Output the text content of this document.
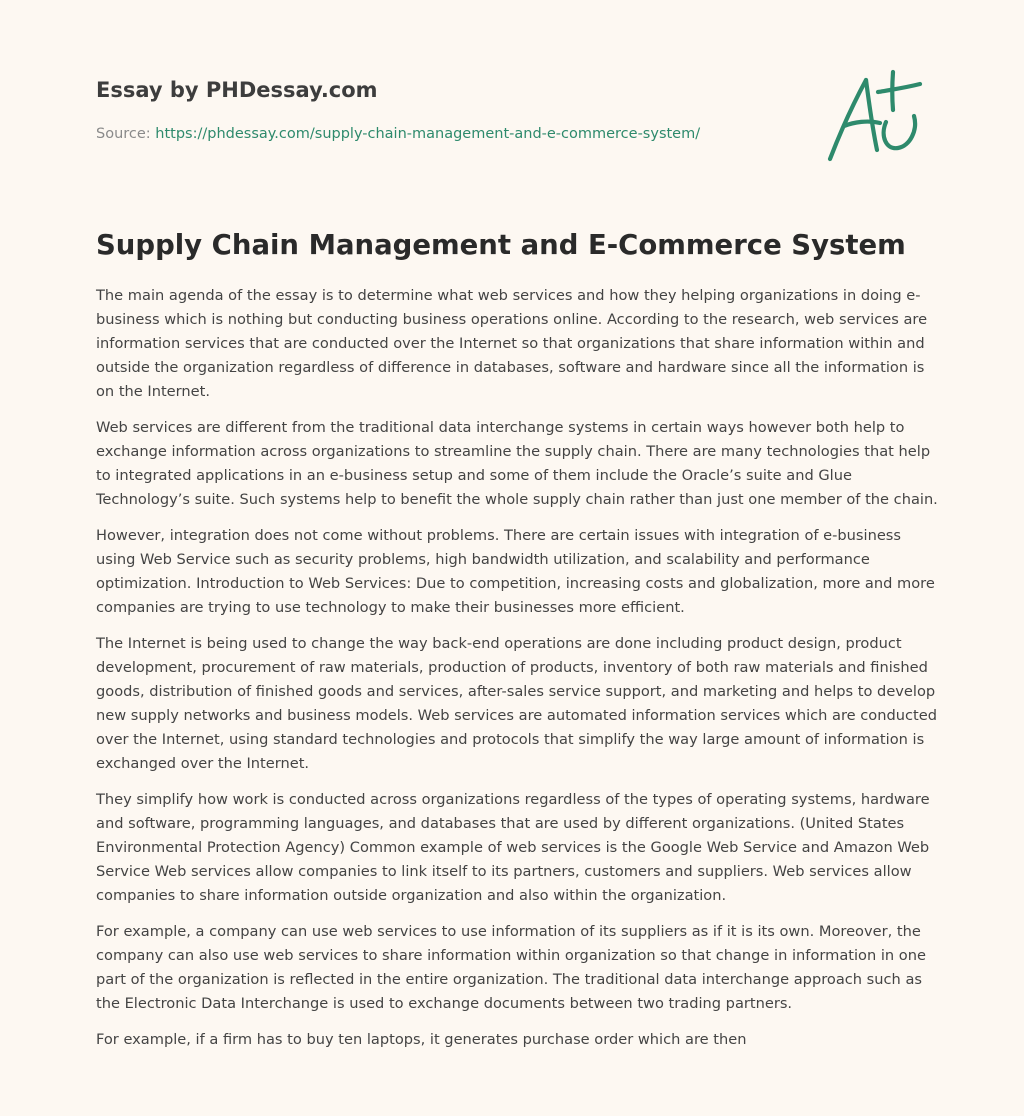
Essay by PHDessay.com
Source: https://phdessay.com/supply-chain-management-and-e-commerce-system/
Supply Chain Management and E-Commerce System

The main agenda of the essay is to determine what web services and how they helping organizations in doing e-business which is nothing but conducting business operations online. According to the research, web services are information services that are conducted over the Internet so that organizations that share information within and outside the organization regardless of difference in databases, software and hardware since all the information is on the Internet.

Web services are different from the traditional data interchange systems in certain ways however both help to exchange information across organizations to streamline the supply chain. There are many technologies that help to integrated applications in an e-business setup and some of them include the Oracle’s suite and Glue Technology’s suite. Such systems help to benefit the whole supply chain rather than just one member of the chain.

However, integration does not come without problems. There are certain issues with integration of e-business using Web Service such as security problems, high bandwidth utilization, and scalability and performance optimization. Introduction to Web Services: Due to competition, increasing costs and globalization, more and more companies are trying to use technology to make their businesses more efficient.

The Internet is being used to change the way back-end operations are done including product design, product development, procurement of raw materials, production of products, inventory of both raw materials and finished goods, distribution of finished goods and services, after-sales service support, and marketing and helps to develop new supply networks and business models. Web services are automated information services which are conducted over the Internet, using standard technologies and protocols that simplify the way large amount of information is exchanged over the Internet.

They simplify how work is conducted across organizations regardless of the types of operating systems, hardware and software, programming languages, and databases that are used by different organizations. (United States Environmental Protection Agency) Common example of web services is the Google Web Service and Amazon Web Service Web services allow companies to link itself to its partners, customers and suppliers. Web services allow companies to share information outside organization and also within the organization.

For example, a company can use web services to use information of its suppliers as if it is its own. Moreover, the company can also use web services to share information within organization so that change in information in one part of the organization is reflected in the entire organization. The traditional data interchange approach such as the Electronic Data Interchange is used to exchange documents between two trading partners.

For example, if a firm has to buy ten laptops, it generates purchase order which are then
